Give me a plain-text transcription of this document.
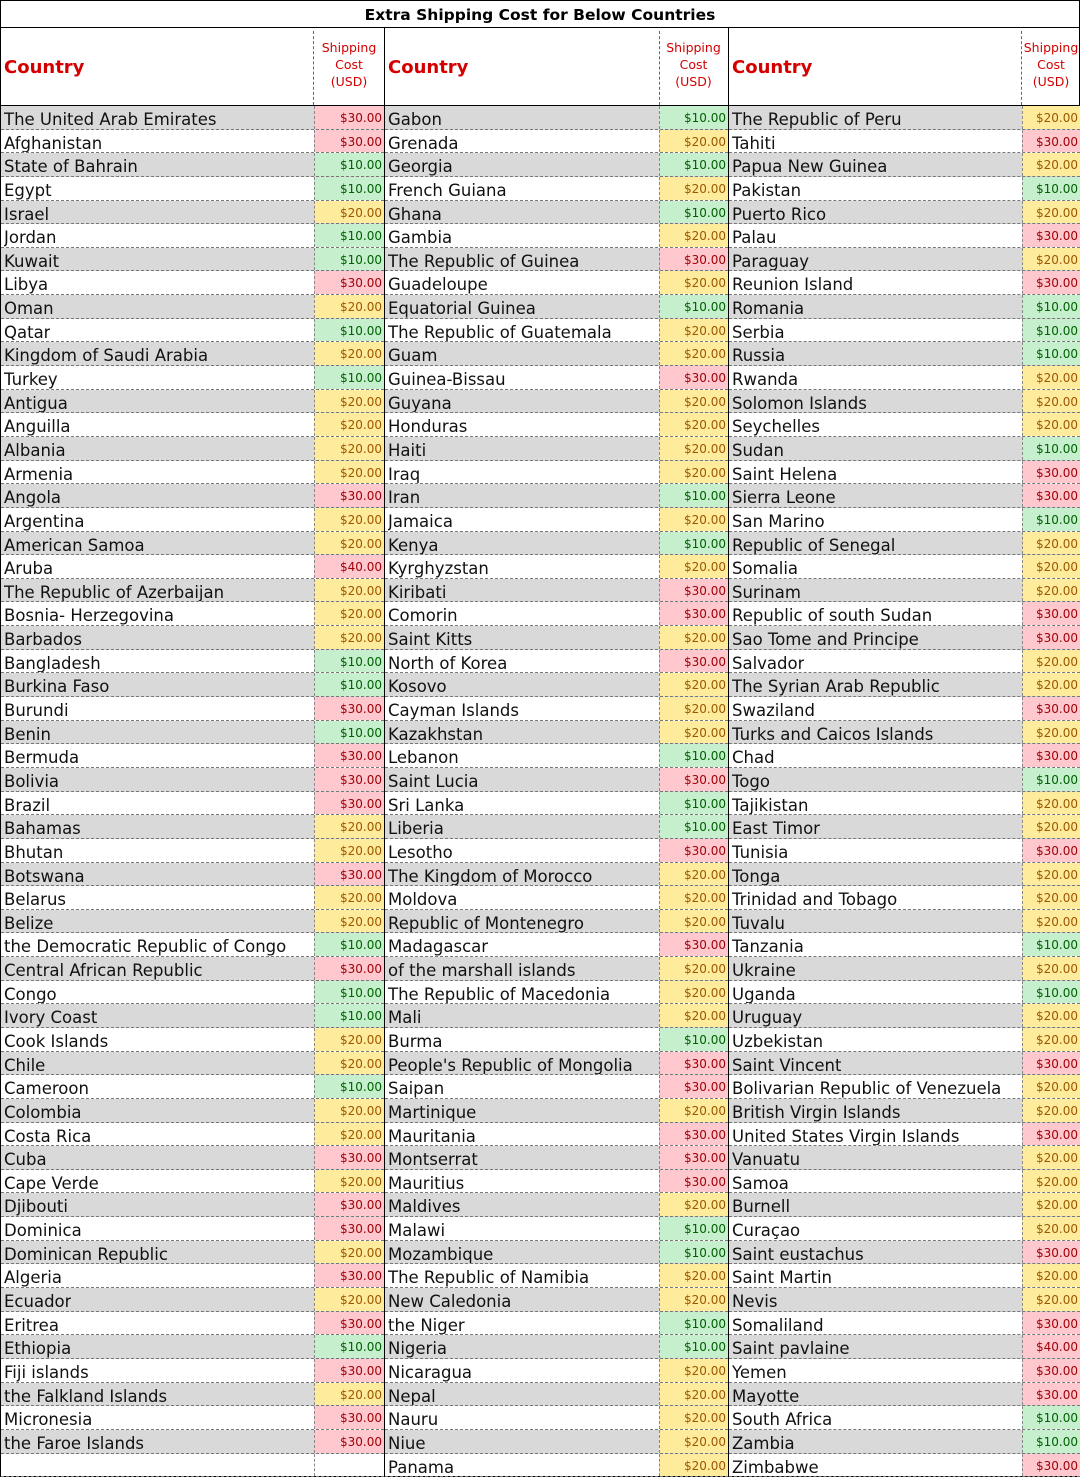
Extra Shipping Cost for Below Countries
Country
Shipping
Cost
(USD)
The United Arab Emirates	$30.00
Afghanistan	$30.00
State of Bahrain	$10.00
Egypt	$10.00
Israel	$20.00
Jordan	$10.00
Kuwait	$10.00
Libya	$30.00
Oman	$20.00
Qatar	$10.00
Kingdom of Saudi Arabia	$20.00
Turkey	$10.00
Antigua	$20.00
Anguilla	$20.00
Albania	$20.00
Armenia	$20.00
Angola	$30.00
Argentina	$20.00
American Samoa	$20.00
Aruba	$40.00
The Republic of Azerbaijan	$20.00
Bosnia- Herzegovina	$20.00
Barbados	$20.00
Bangladesh	$10.00
Burkina Faso	$10.00
Burundi	$30.00
Benin	$10.00
Bermuda	$30.00
Bolivia	$30.00
Brazil	$30.00
Bahamas	$20.00
Bhutan	$20.00
Botswana	$30.00
Belarus	$20.00
Belize	$20.00
the Democratic Republic of Congo	$10.00
Central African Republic	$30.00
Congo	$10.00
Ivory Coast	$10.00
Cook Islands	$20.00
Chile	$20.00
Cameroon	$10.00
Colombia	$20.00
Costa Rica	$20.00
Cuba	$30.00
Cape Verde	$20.00
Djibouti	$30.00
Dominica	$30.00
Dominican Republic	$20.00
Algeria	$30.00
Ecuador	$20.00
Eritrea	$30.00
Ethiopia	$10.00
Fiji islands	$30.00
the Falkland Islands	$20.00
Micronesia	$30.00
the Faroe Islands	$30.00
Country
Shipping
Cost
(USD)
Gabon	$10.00
Grenada	$20.00
Georgia	$10.00
French Guiana	$20.00
Ghana	$10.00
Gambia	$20.00
The Republic of Guinea	$30.00
Guadeloupe	$20.00
Equatorial Guinea	$10.00
The Republic of Guatemala	$20.00
Guam	$20.00
Guinea-Bissau	$30.00
Guyana	$20.00
Honduras	$20.00
Haiti	$20.00
Iraq	$20.00
Iran	$10.00
Jamaica	$20.00
Kenya	$10.00
Kyrghyzstan	$20.00
Kiribati	$30.00
Comorin	$30.00
Saint Kitts	$20.00
North of Korea	$30.00
Kosovo	$20.00
Cayman Islands	$20.00
Kazakhstan	$20.00
Lebanon	$10.00
Saint Lucia	$30.00
Sri Lanka	$10.00
Liberia	$10.00
Lesotho	$30.00
The Kingdom of Morocco	$20.00
Moldova	$20.00
Republic of Montenegro	$20.00
Madagascar	$30.00
of the marshall islands	$20.00
The Republic of Macedonia	$20.00
Mali	$20.00
Burma	$10.00
People's Republic of Mongolia	$30.00
Saipan	$30.00
Martinique	$20.00
Mauritania	$30.00
Montserrat	$30.00
Mauritius	$30.00
Maldives	$20.00
Malawi	$10.00
Mozambique	$10.00
The Republic of Namibia	$20.00
New Caledonia	$20.00
the Niger	$10.00
Nigeria	$10.00
Nicaragua	$20.00
Nepal	$20.00
Nauru	$20.00
Niue	$20.00
Panama	$20.00
Country
Shipping
Cost
(USD)
The Republic of Peru	$20.00
Tahiti	$30.00
Papua New Guinea	$20.00
Pakistan	$10.00
Puerto Rico	$20.00
Palau	$30.00
Paraguay	$20.00
Reunion Island	$30.00
Romania	$10.00
Serbia	$10.00
Russia	$10.00
Rwanda	$20.00
Solomon Islands	$20.00
Seychelles	$20.00
Sudan	$10.00
Saint Helena	$30.00
Sierra Leone	$30.00
San Marino	$10.00
Republic of Senegal	$20.00
Somalia	$20.00
Surinam	$20.00
Republic of south Sudan	$30.00
Sao Tome and Principe	$30.00
Salvador	$20.00
The Syrian Arab Republic	$20.00
Swaziland	$30.00
Turks and Caicos Islands	$20.00
Chad	$30.00
Togo	$10.00
Tajikistan	$20.00
East Timor	$20.00
Tunisia	$30.00
Tonga	$20.00
Trinidad and Tobago	$20.00
Tuvalu	$20.00
Tanzania	$10.00
Ukraine	$20.00
Uganda	$10.00
Uruguay	$20.00
Uzbekistan	$20.00
Saint Vincent	$30.00
Bolivarian Republic of Venezuela	$20.00
British Virgin Islands	$20.00
United States Virgin Islands	$30.00
Vanuatu	$20.00
Samoa	$20.00
Burnell	$20.00
Curaçao	$20.00
Saint eustachus	$30.00
Saint Martin	$20.00
Nevis	$20.00
Somaliland	$30.00
Saint pavlaine	$40.00
Yemen	$30.00
Mayotte	$30.00
South Africa	$10.00
Zambia	$10.00
Zimbabwe	$30.00
